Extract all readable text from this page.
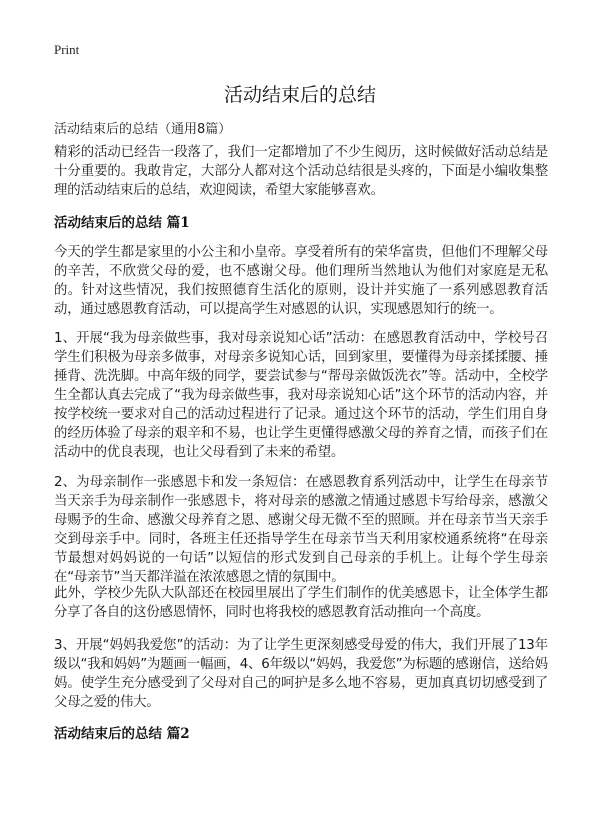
Print
活动结束后的总结
活动结束后的总结（通用8篇）

精彩的活动已经告一段落了，我们一定都增加了不少生阅历，这时候做好活动总结是十分重要的。我敢肯定，大部分人都对这个活动总结很是头疼的，下面是小编收集整理的活动结束后的总结，欢迎阅读，希望大家能够喜欢。

活动结束后的总结 篇1

今天的学生都是家里的小公主和小皇帝。享受着所有的荣华富贵，但他们不理解父母的辛苦，不欣赏父母的爱，也不感谢父母。他们理所当然地认为他们对家庭是无私的。针对这些情况，我们按照德育生活化的原则，设计并实施了一系列感恩教育活动，通过感恩教育活动，可以提高学生对感恩的认识，实现感恩知行的统一。

1、开展“我为母亲做些事，我对母亲说知心话”活动：在感恩教育活动中，学校号召学生们积极为母亲多做事，对母亲多说知心话，回到家里，要懂得为母亲揉揉腰、捶捶背、洗洗脚。中高年级的同学，要尝试参与“帮母亲做饭洗衣”等。活动中，全校学生全都认真去完成了“我为母亲做些事，我对母亲说知心话”这个环节的活动内容，并按学校统一要求对自己的活动过程进行了记录。通过这个环节的活动，学生们用自身的经历体验了母亲的艰辛和不易，也让学生更懂得感激父母的养育之情，而孩子们在活动中的优良表现，也让父母看到了未来的希望。

2、为母亲制作一张感恩卡和发一条短信：在感恩教育系列活动中，让学生在母亲节当天亲手为母亲制作一张感恩卡，将对母亲的感激之情通过感恩卡写给母亲，感激父母赐予的生命、感激父母养育之恩、感谢父母无微不至的照顾。并在母亲节当天亲手交到母亲手中。同时，各班主任还指导学生在母亲节当天利用家校通系统将“在母亲节最想对妈妈说的一句话”以短信的形式发到自己母亲的手机上。让每个学生母亲在“母亲节”当天都洋溢在浓浓感恩之情的氛围中。

此外，学校少先队大队部还在校园里展出了学生们制作的优美感恩卡，让全体学生都分享了各自的这份感恩情怀，同时也将我校的感恩教育活动推向一个高度。

3、开展“妈妈我爱您”的活动：为了让学生更深刻感受母爱的伟大，我们开展了13年级以“我和妈妈”为题画一幅画，4、6年级以“妈妈，我爱您”为标题的感谢信，送给妈妈。使学生充分感受到了父母对自己的呵护是多么地不容易，更加真真切切感受到了父母之爱的伟大。

活动结束后的总结 篇2
